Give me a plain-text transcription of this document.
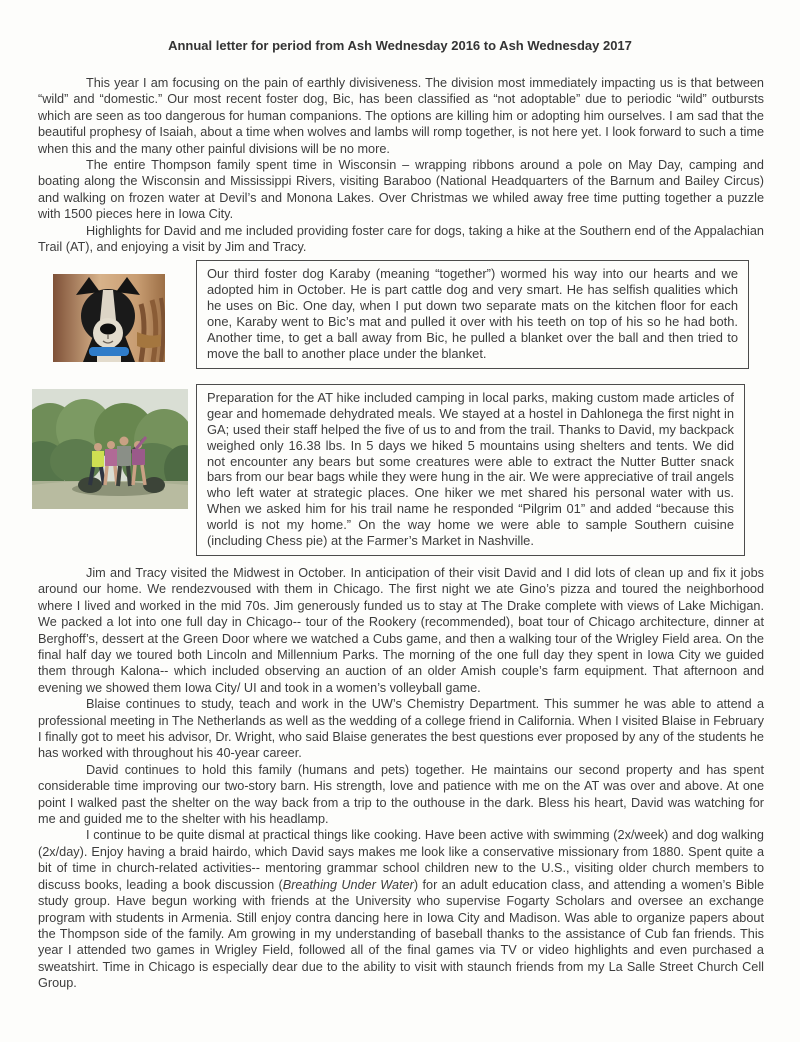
Annual letter for period from Ash Wednesday 2016 to Ash Wednesday 2017

This year I am focusing on the pain of earthly divisiveness. The division most immediately impacting us is that between “wild” and “domestic.” Our most recent foster dog, Bic, has been classified as “not adoptable” due to periodic “wild” outbursts which are seen as too dangerous for human companions. The options are killing him or adopting him ourselves. I am sad that the beautiful prophesy of Isaiah, about a time when wolves and lambs will romp together, is not here yet. I look forward to such a time when this and the many other painful divisions will be no more.

The entire Thompson family spent time in Wisconsin – wrapping ribbons around a pole on May Day, camping and boating along the Wisconsin and Mississippi Rivers, visiting Baraboo (National Headquarters of the Barnum and Bailey Circus) and walking on frozen water at Devil’s and Monona Lakes. Over Christmas we whiled away free time putting together a puzzle with 1500 pieces here in Iowa City.

Highlights for David and me included providing foster care for dogs, taking a hike at the Southern end of the Appalachian Trail (AT), and enjoying a visit by Jim and Tracy.

Our third foster dog Karaby (meaning “together”) wormed his way into our hearts and we adopted him in October. He is part cattle dog and very smart. He has selfish qualities which he uses on Bic. One day, when I put down two separate mats on the kitchen floor for each one, Karaby went to Bic’s mat and pulled it over with his teeth on top of his so he had both. Another time, to get a ball away from Bic, he pulled a blanket over the ball and then tried to move the ball to another place under the blanket.

Preparation for the AT hike included camping in local parks, making custom made articles of gear and homemade dehydrated meals. We stayed at a hostel in Dahlonega the first night in GA; used their staff helped the five of us to and from the trail. Thanks to David, my backpack weighed only 16.38 lbs. In 5 days we hiked 5 mountains using shelters and tents. We did not encounter any bears but some creatures were able to extract the Nutter Butter snack bars from our bear bags while they were hung in the air. We were appreciative of trail angels who left water at strategic places. One hiker we met shared his personal water with us. When we asked him for his trail name he responded “Pilgrim 01” and added “because this world is not my home.” On the way home we were able to sample Southern cuisine (including Chess pie) at the Farmer’s Market in Nashville.

Jim and Tracy visited the Midwest in October. In anticipation of their visit David and I did lots of clean up and fix it jobs around our home. We rendezvoused with them in Chicago. The first night we ate Gino’s pizza and toured the neighborhood where I lived and worked in the mid 70s. Jim generously funded us to stay at The Drake complete with views of Lake Michigan. We packed a lot into one full day in Chicago-- tour of the Rookery (recommended), boat tour of Chicago architecture, dinner at Berghoff’s, dessert at the Green Door where we watched a Cubs game, and then a walking tour of the Wrigley Field area. On the final half day we toured both Lincoln and Millennium Parks. The morning of the one full day they spent in Iowa City we guided them through Kalona-- which included observing an auction of an older Amish couple’s farm equipment. That afternoon and evening we showed them Iowa City/ UI and took in a women’s volleyball game.

Blaise continues to study, teach and work in the UW’s Chemistry Department. This summer he was able to attend a professional meeting in The Netherlands as well as the wedding of a college friend in California. When I visited Blaise in February I finally got to meet his advisor, Dr. Wright, who said Blaise generates the best questions ever proposed by any of the students he has worked with throughout his 40-year career.

David continues to hold this family (humans and pets) together. He maintains our second property and has spent considerable time improving our two-story barn. His strength, love and patience with me on the AT was over and above. At one point I walked past the shelter on the way back from a trip to the outhouse in the dark. Bless his heart, David was watching for me and guided me to the shelter with his headlamp.

I continue to be quite dismal at practical things like cooking. Have been active with swimming (2x/week) and dog walking (2x/day). Enjoy having a braid hairdo, which David says makes me look like a conservative missionary from 1880. Spent quite a bit of time in church-related activities-- mentoring grammar school children new to the U.S., visiting older church members to discuss books, leading a book discussion (Breathing Under Water) for an adult education class, and attending a women’s Bible study group. Have begun working with friends at the University who supervise Fogarty Scholars and oversee an exchange program with students in Armenia. Still enjoy contra dancing here in Iowa City and Madison. Was able to organize papers about the Thompson side of the family. Am growing in my understanding of baseball thanks to the assistance of Cub fan friends. This year I attended two games in Wrigley Field, followed all of the final games via TV or video highlights and even purchased a sweatshirt. Time in Chicago is especially dear due to the ability to visit with staunch friends from my La Salle Street Church Cell Group.
